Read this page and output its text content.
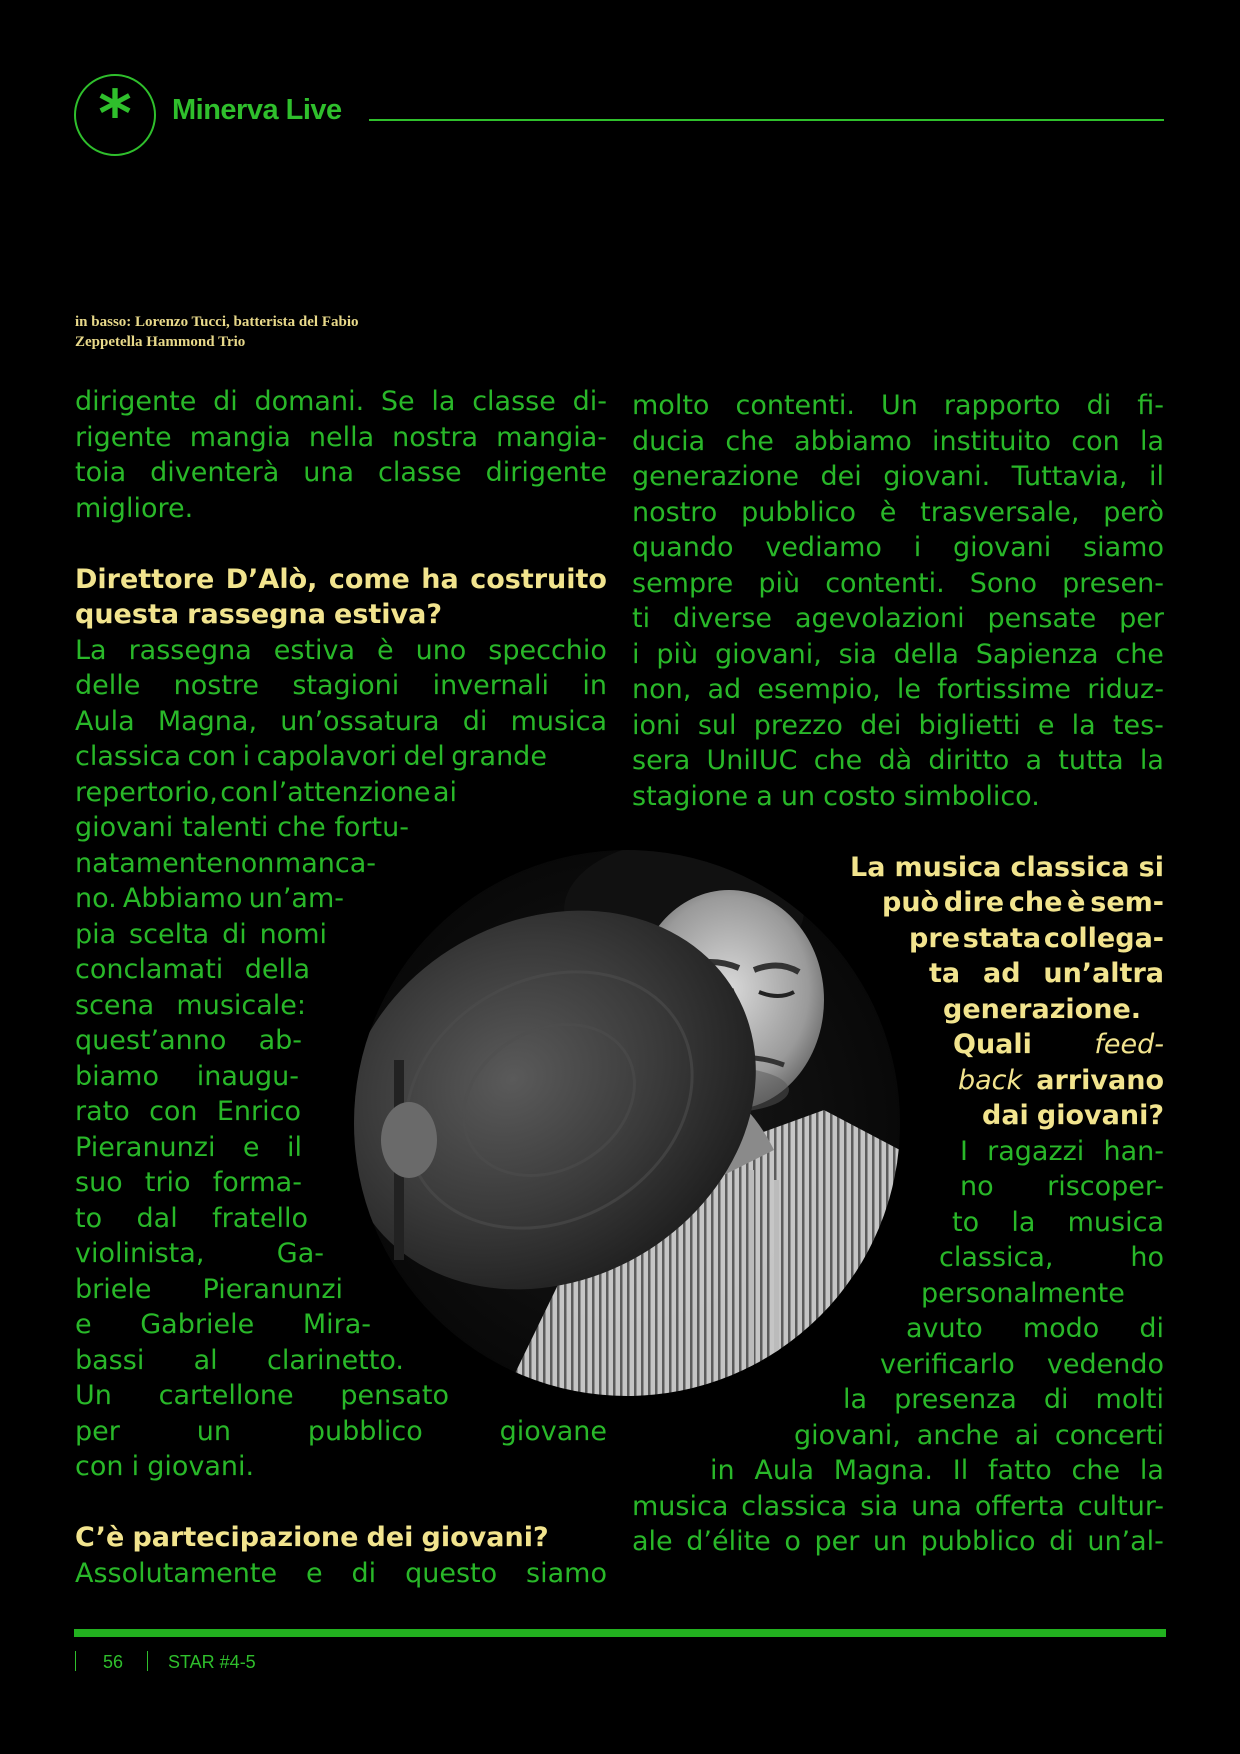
*	Minerva Live
in basso: Lorenzo Tucci, batterista del Fabio
Zeppetella Hammond Trio
dirigente di domani. Se la classe di-
rigente mangia nella nostra mangia-
toia diventerà una classe dirigente
migliore.
Direttore D’Alò, come ha costruito
questa rassegna estiva?
La rassegna estiva è uno specchio
delle nostre stagioni invernali in
Aula Magna, un’ossatura di musica
classica con i capolavori del grande
repertorio, con l’attenzione ai
giovani talenti che fortu-
natamente non manca-
no. Abbiamo un’am-
pia scelta di nomi
conclamati della
scena musicale:
quest’anno ab-
biamo inaugu-
rato con Enrico
Pieranunzi e il
suo trio forma-
to dal fratello
violinista,	Ga-
briele Pieranunzi
e Gabriele Mira-
bassi al clarinetto.
Un cartellone pensato
per	un	pubblico	giovane
con i giovani.
C’è partecipazione dei giovani?
Assolutamente e di questo siamo
molto contenti. Un rapporto di fi-
ducia che abbiamo instituito con la
generazione dei giovani. Tuttavia, il
nostro pubblico è trasversale, però
quando vediamo i giovani siamo
sempre più contenti. Sono presen-
ti diverse agevolazioni pensate per
i più giovani, sia della Sapienza che
non, ad esempio, le fortissime riduz-
ioni sul prezzo dei biglietti e la tes-
sera UniIUC che dà diritto a tutta la
stagione a un costo simbolico.
La musica classica si
può dire che è sem-
pre stata collega-
ta ad un’altra
generazione.
Quali feed-
back arrivano
dai giovani?
I ragazzi han-
no riscoper-
to la musica
classica,	ho
personalmente
avuto modo di
verificarlo vedendo
la presenza di molti
giovani, anche ai concerti
in Aula Magna. Il fatto che la
musica classica sia una offerta cultur-
ale d’élite o per un pubblico di un’al-
56 STAR #4-5
